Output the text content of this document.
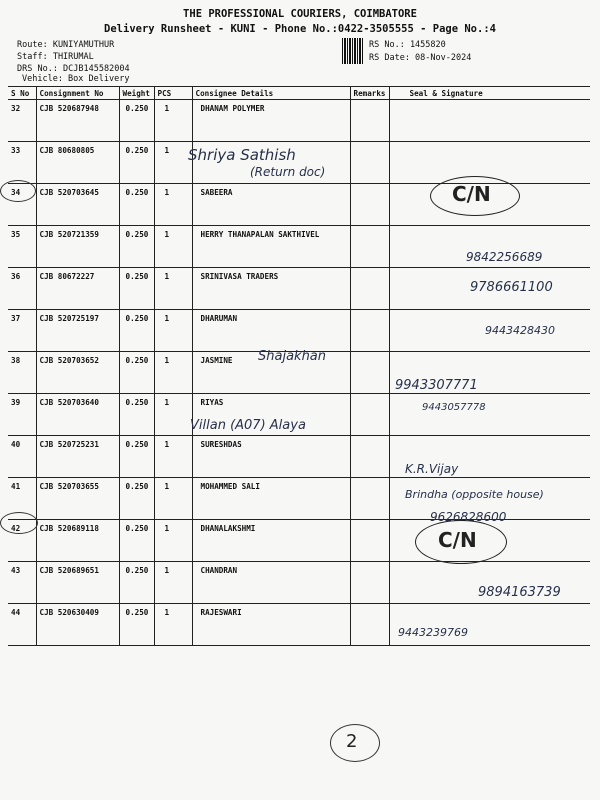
THE PROFESSIONAL COURIERS, COIMBATORE
Delivery Runsheet - KUNI - Phone No.:0422-3505555 - Page No.:4
Route: KUNIYAMUTHUR
Staff: THIRUMAL
DRS No.: DCJB145582004
Vehicle: Box Delivery
RS No.: 1455820
RS Date: 08-Nov-2024
S No	Consignment No	Weight	PCS	Consignee Details	Remarks	Seal & Signature
32	CJB 520687948	0.250	1	DHANAM POLYMER		
33	CJB 80680805	0.250	1			
34	CJB 520703645	0.250	1	SABEERA		
35	CJB 520721359	0.250	1	HERRY THANAPALAN SAKTHIVEL		
36	CJB 80672227	0.250	1	SRINIVASA TRADERS		
37	CJB 520725197	0.250	1	DHARUMAN		
38	CJB 520703652	0.250	1	JASMINE		
39	CJB 520703640	0.250	1	RIYAS		
40	CJB 520725231	0.250	1	SURESHDAS		
41	CJB 520703655	0.250	1	MOHAMMED SALI		
42	CJB 520689118	0.250	1	DHANALAKSHMI		
43	CJB 520689651	0.250	1	CHANDRAN		
44	CJB 520630409	0.250	1	RAJESWARI		
Shriya Sathish
(Return doc)
9842256689
9786661100
9443428430
Shajakhan
9943307771
Villan (A07) Alaya
9443057778
K.R.Vijay
Brindha (opposite house)
9626828600
9894163739
9443239769
C/N
C/N
2
